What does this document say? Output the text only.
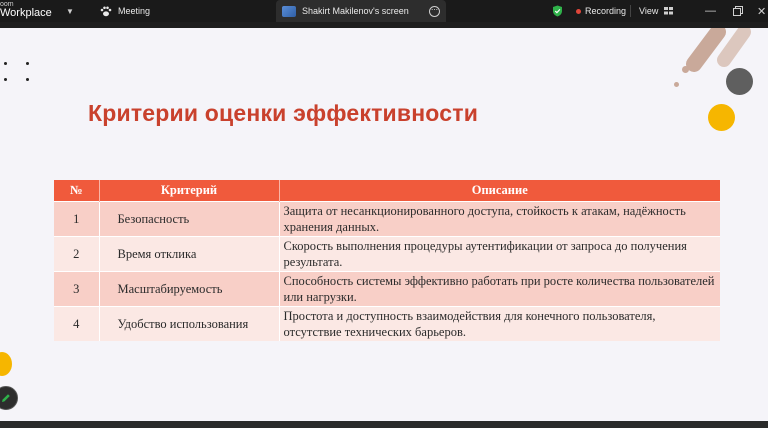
oom
Workplace ▼	Meeting	Shakirt Makilenov's screen	⋯	Recording View	—	✕
Критерии оценки эффективности
№	Критерий	Описание
1	Безопасность	Защита от несанкционированного доступа, стойкость к атакам, надёжность хранения данных.
2	Время отклика	Скорость выполнения процедуры аутентификации от запроса до получения результата.
3	Масштабируемость	Способность системы эффективно работать при росте количества пользователей или нагрузки.
4	Удобство использования	Простота и доступность взаимодействия для конечного пользователя, отсутствие технических барьеров.
